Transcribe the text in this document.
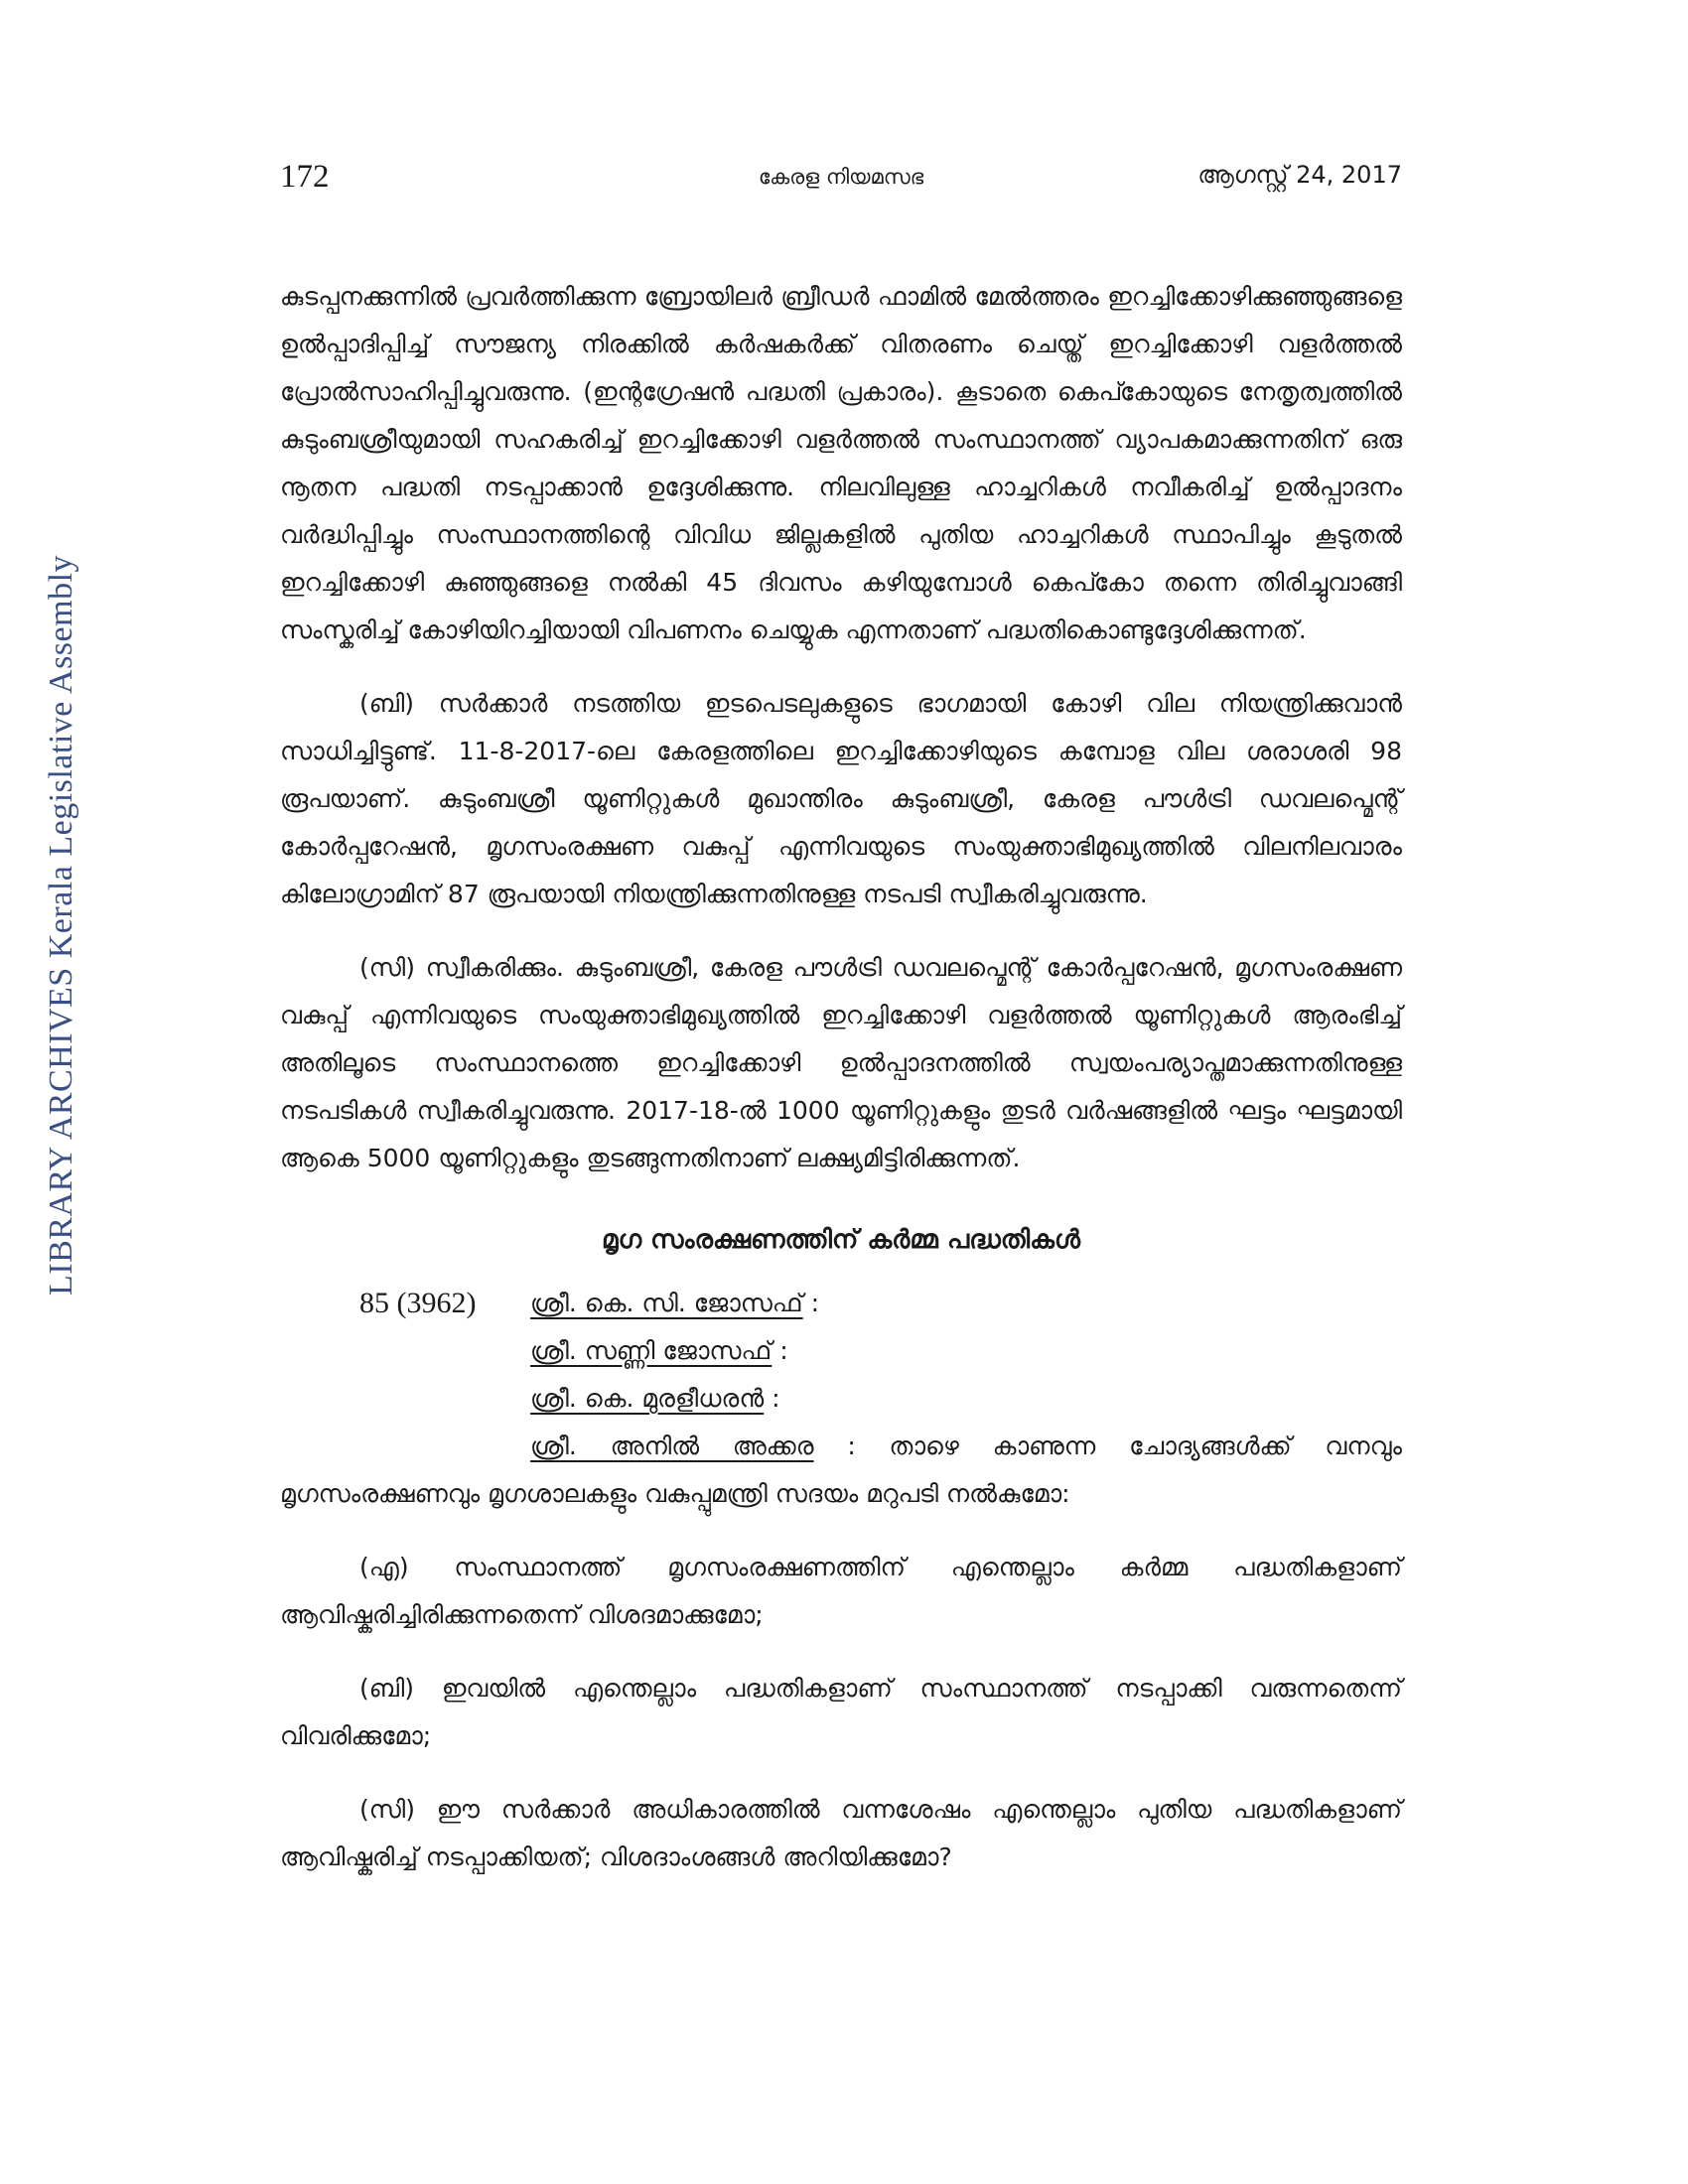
LIBRARY ARCHIVES Kerala Legislative Assembly
172	കേരള നിയമസഭ	ആഗസ്റ്റ് 24, 2017

കുടപ്പനക്കുന്നിൽ പ്രവർത്തിക്കുന്ന ബ്രോയിലർ ബ്രീഡർ ഫാമിൽ മേൽത്തരം ഇറച്ചിക്കോഴിക്കുഞ്ഞുങ്ങളെ ഉൽപ്പാദിപ്പിച്ച് സൗജന്യ നിരക്കിൽ കർഷകർക്ക് വിതരണം ചെയ്ത് ഇറച്ചിക്കോഴി വളർത്തൽ പ്രോൽസാഹിപ്പിച്ചുവരുന്നു. (ഇന്റഗ്രേഷൻ പദ്ധതി പ്രകാരം). കൂടാതെ കെപ്കോയുടെ നേതൃത്വത്തിൽ കുടുംബശ്രീയുമായി സഹകരിച്ച് ഇറച്ചിക്കോഴി വളർത്തൽ സംസ്ഥാനത്ത് വ്യാപകമാക്കുന്നതിന് ഒരു നൂതന പദ്ധതി നടപ്പാക്കാൻ ഉദ്ദേശിക്കുന്നു. നിലവിലുള്ള ഹാച്ചറികൾ നവീകരിച്ച് ഉൽപ്പാദനം വർദ്ധിപ്പിച്ചും സംസ്ഥാനത്തിന്റെ വിവിധ ജില്ലകളിൽ പുതിയ ഹാച്ചറികൾ സ്ഥാപിച്ചും കൂടുതൽ ഇറച്ചിക്കോഴി കുഞ്ഞുങ്ങളെ നൽകി 45 ദിവസം കഴിയുമ്പോൾ കെപ്കോ തന്നെ തിരിച്ചുവാങ്ങി സംസ്കരിച്ച് കോഴിയിറച്ചിയായി വിപണനം ചെയ്യുക എന്നതാണ് പദ്ധതികൊണ്ടുദ്ദേശിക്കുന്നത്.

(ബി) സർക്കാർ നടത്തിയ ഇടപെടലുകളുടെ ഭാഗമായി കോഴി വില നിയന്ത്രിക്കുവാൻ സാധിച്ചിട്ടുണ്ട്. 11-8-2017-ലെ കേരളത്തിലെ ഇറച്ചിക്കോഴിയുടെ കമ്പോള വില ശരാശരി 98 രൂപയാണ്. കുടുംബശ്രീ യൂണിറ്റുകൾ മുഖാന്തിരം കുടുംബശ്രീ, കേരള പൗൾട്രി ഡവലപ്മെന്റ് കോർപ്പറേഷൻ, മൃഗസംരക്ഷണ വകുപ്പ് എന്നിവയുടെ സംയുക്താഭിമുഖ്യത്തിൽ വിലനിലവാരം കിലോഗ്രാമിന് 87 രൂപയായി നിയന്ത്രിക്കുന്നതിനുള്ള നടപടി സ്വീകരിച്ചുവരുന്നു.

(സി) സ്വീകരിക്കും. കുടുംബശ്രീ, കേരള പൗൾട്രി ഡവലപ്മെന്റ് കോർപ്പറേഷൻ, മൃഗസംരക്ഷണ വകുപ്പ് എന്നിവയുടെ സംയുക്താഭിമുഖ്യത്തിൽ ഇറച്ചിക്കോഴി വളർത്തൽ യൂണിറ്റുകൾ ആരംഭിച്ച് അതിലൂടെ സംസ്ഥാനത്തെ ഇറച്ചിക്കോഴി ഉൽപ്പാദനത്തിൽ സ്വയംപര്യാപ്തമാക്കുന്നതിനുള്ള നടപടികൾ സ്വീകരിച്ചുവരുന്നു. 2017-18-ൽ 1000 യൂണിറ്റുകളും തുടർ വർഷങ്ങളിൽ ഘട്ടം ഘട്ടമായി ആകെ 5000 യൂണിറ്റുകളും തുടങ്ങുന്നതിനാണ് ലക്ഷ്യമിട്ടിരിക്കുന്നത്.

മൃഗ സംരക്ഷണത്തിന് കർമ്മ പദ്ധതികൾ
85 (3962)	ശ്രീ. കെ. സി. ജോസഫ് :
ശ്രീ. സണ്ണി ജോസഫ് :
ശ്രീ. കെ. മുരളീധരൻ :

ശ്രീ. അനിൽ അക്കര : താഴെ കാണുന്ന ചോദ്യങ്ങൾക്ക് വനവും മൃഗസംരക്ഷണവും മൃഗശാലകളും വകുപ്പുമന്ത്രി സദയം മറുപടി നൽകുമോ:

(എ) സംസ്ഥാനത്ത് മൃഗസംരക്ഷണത്തിന് എന്തെല്ലാം കർമ്മ പദ്ധതികളാണ് ആവിഷ്കരിച്ചിരിക്കുന്നതെന്ന് വിശദമാക്കുമോ;

(ബി) ഇവയിൽ എന്തെല്ലാം പദ്ധതികളാണ് സംസ്ഥാനത്ത് നടപ്പാക്കി വരുന്നതെന്ന് വിവരിക്കുമോ;

(സി) ഈ സർക്കാർ അധികാരത്തിൽ വന്നശേഷം എന്തെല്ലാം പുതിയ പദ്ധതികളാണ് ആവിഷ്കരിച്ച് നടപ്പാക്കിയത്; വിശദാംശങ്ങൾ അറിയിക്കുമോ?
